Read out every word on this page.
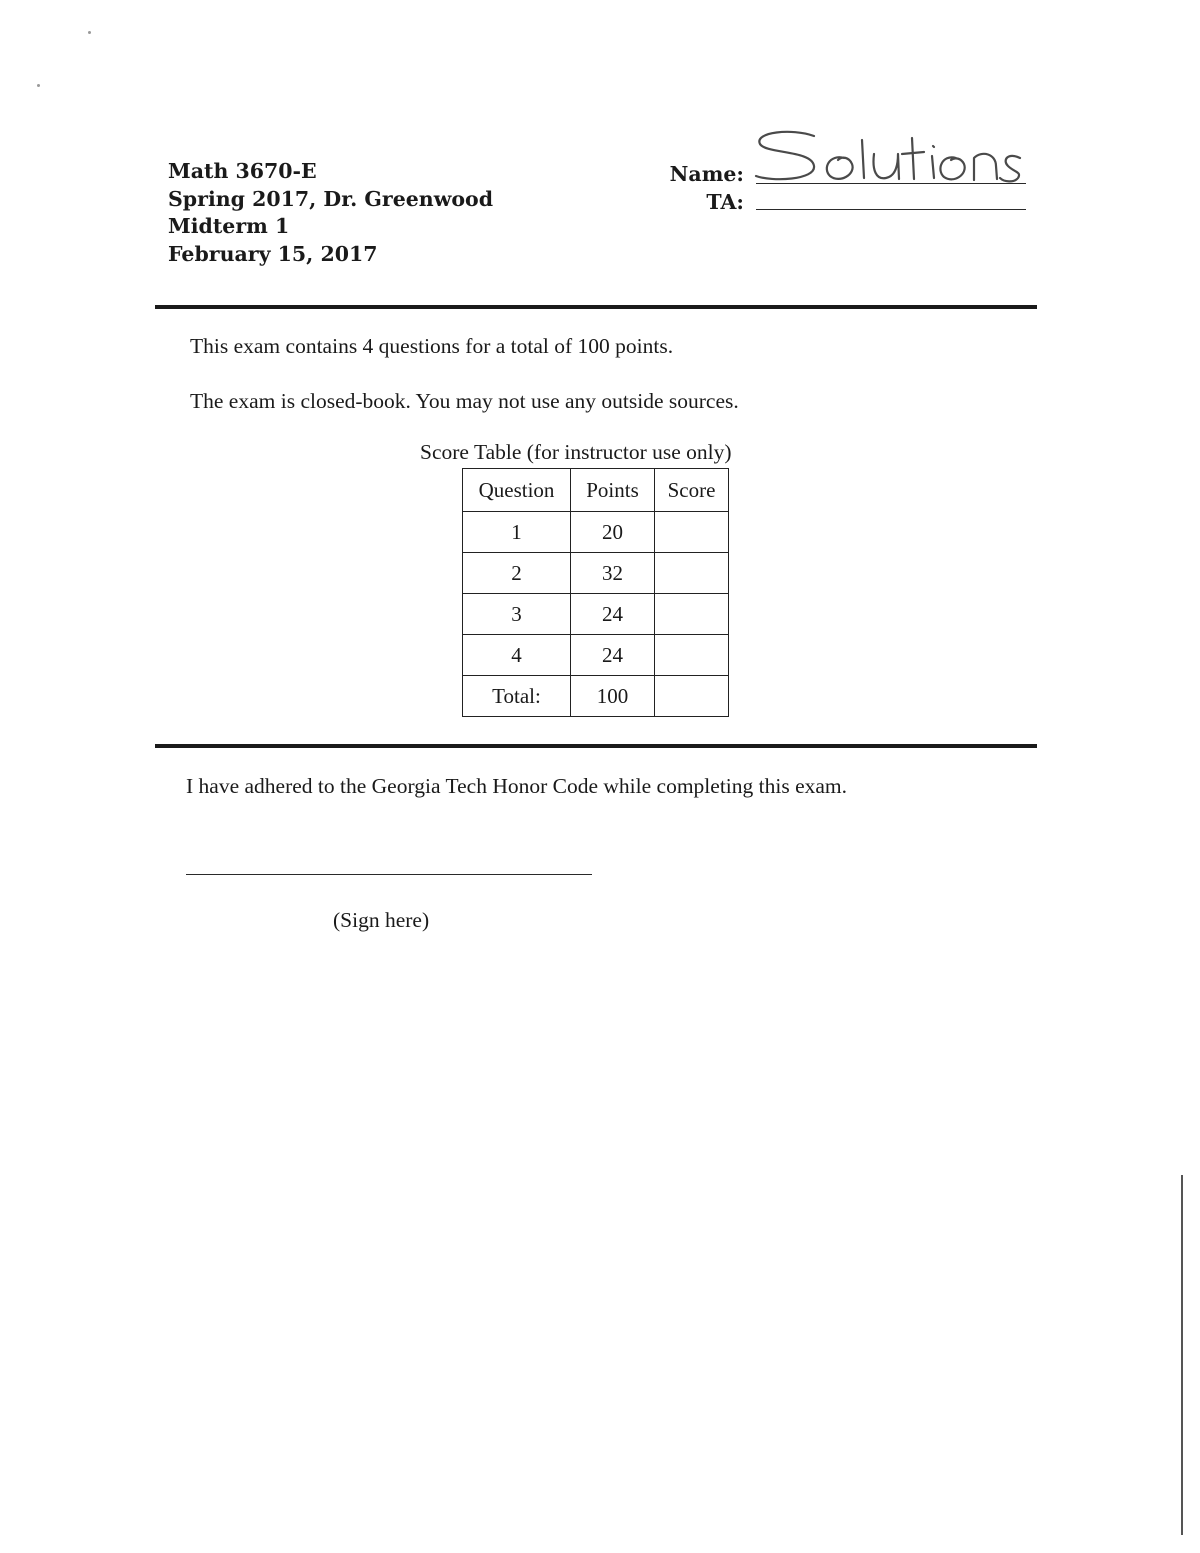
Math 3670-E
Spring 2017, Dr. Greenwood
Midterm 1
February 15, 2017
Name:
Solutions
TA:
This exam contains 4 questions for a total of 100 points.
The exam is closed-book. You may not use any outside sources.
Score Table (for instructor use only)
Question	Points	Score
1	20	
2	32	
3	24	
4	24	
Total:	100	
I have adhered to the Georgia Tech Honor Code while completing this exam.
(Sign here)
